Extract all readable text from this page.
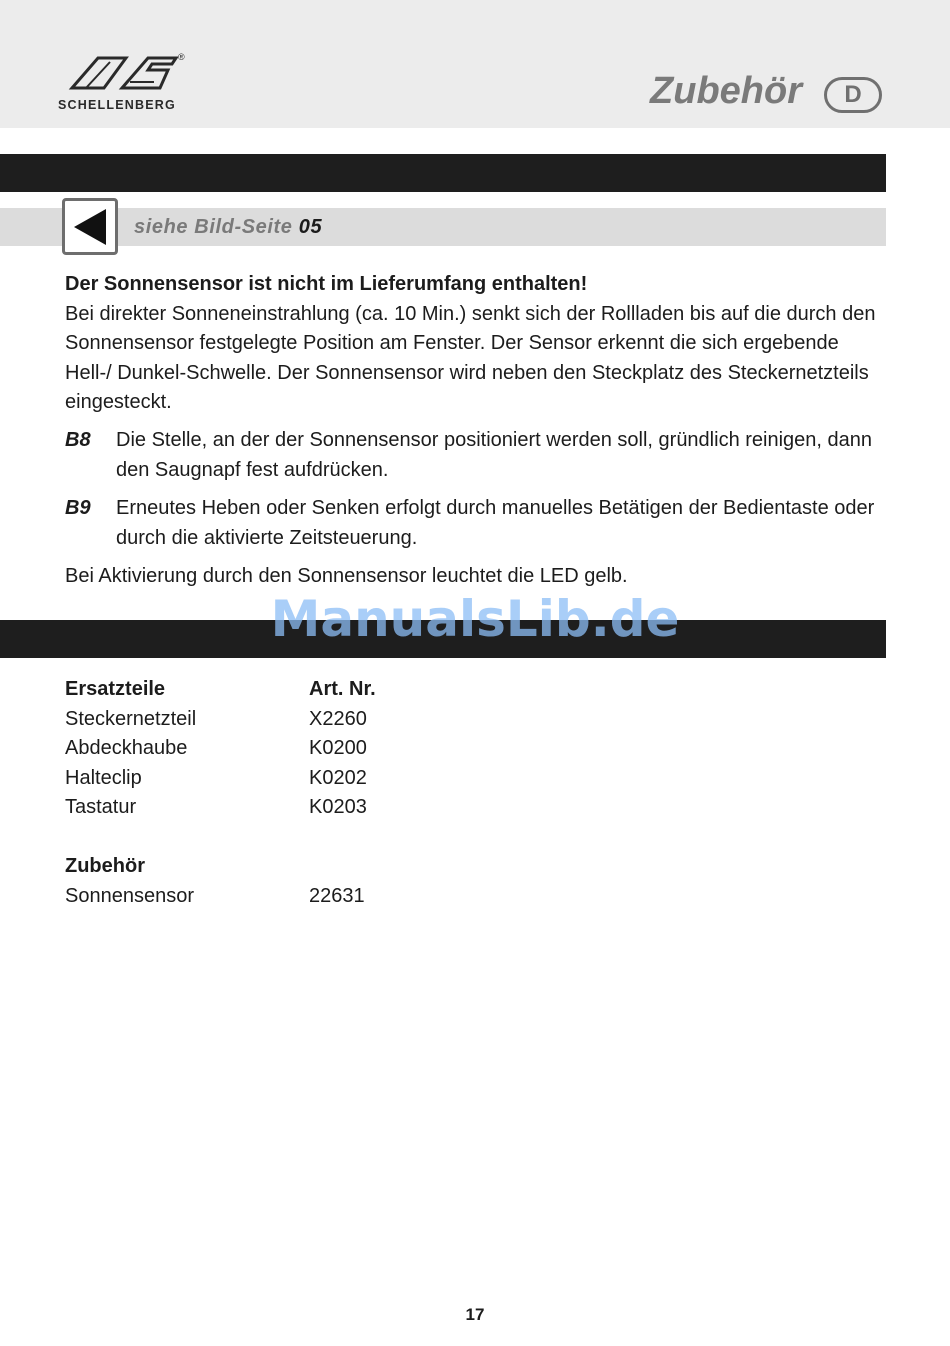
®
SCHELLENBERG	Zubehör	D
siehe Bild-Seite 05
Der Sonnensensor ist nicht im Lieferumfang enthalten!
Bei direkter Sonneneinstrahlung (ca. 10 Min.) senkt sich der Rollladen bis auf die durch den Sonnensensor festgelegte Position am Fenster. Der Sensor erkennt die sich ergebende Hell-/ Dunkel-Schwelle. Der Sonnensensor wird neben den Steckplatz des Steckernetzteils eingesteckt.
B8 Die Stelle, an der der Sonnensensor positioniert werden soll, gründlich reinigen, dann den Saugnapf fest aufdrücken.
B9 Erneutes Heben oder Senken erfolgt durch manuelles Betätigen der Bedientaste oder durch die aktivierte Zeitsteuerung.
Bei Aktivierung durch den Sonnensensor leuchtet die LED gelb.
ManualsLib.de
Ersatzteile	Art. Nr.
Steckernetzteil	X2260
Abdeckhaube	K0200
Halteclip	K0202
Tastatur	K0203
Zubehör
Sonnensensor	22631
17
